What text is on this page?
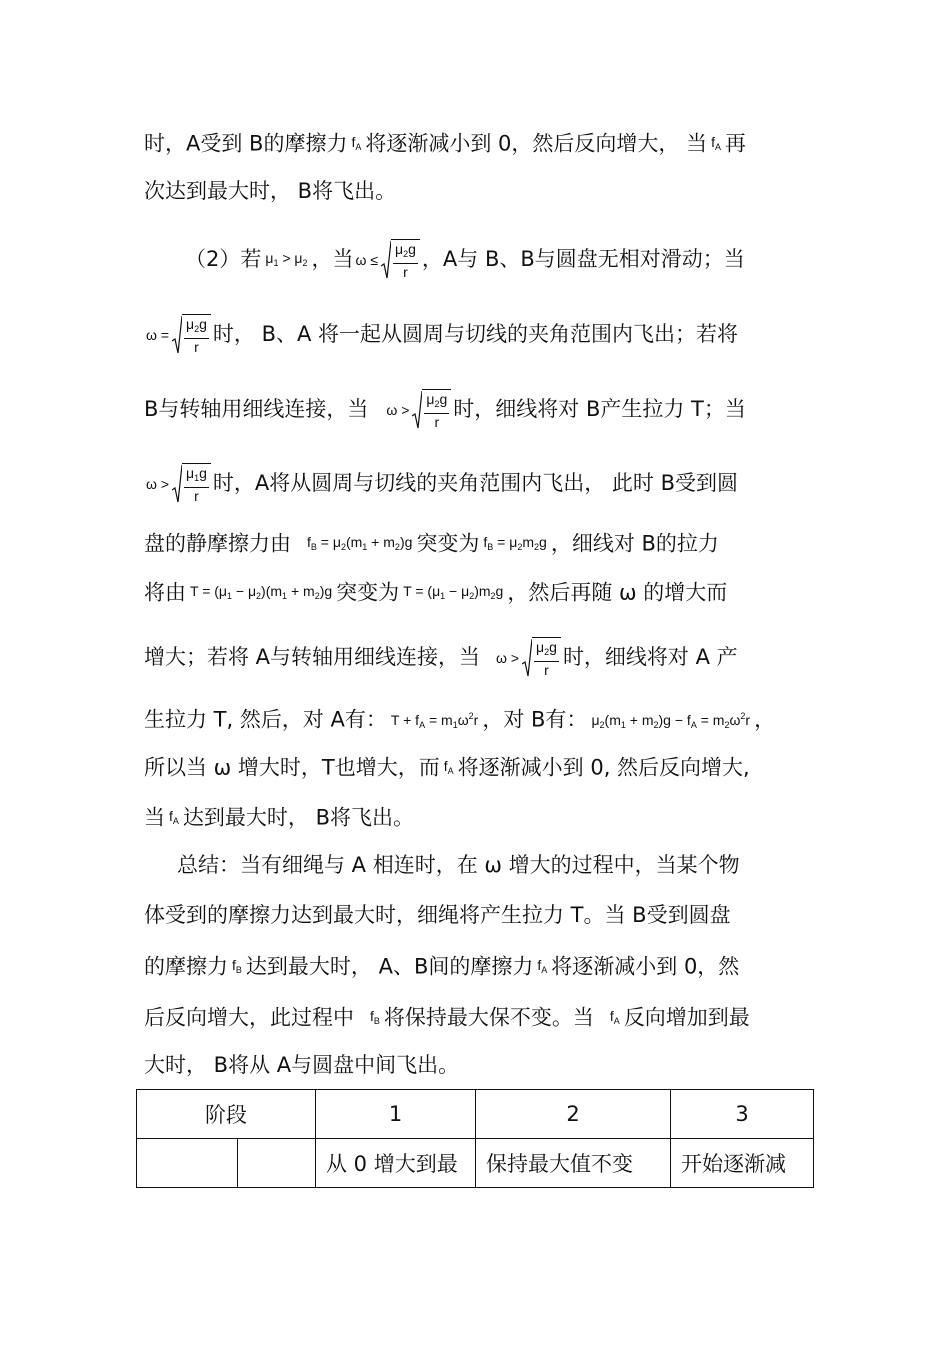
时，A受到 B的摩擦力 $f_A$ 将逐渐减小到 0，然后反向增大， 当 $f_A$ 再
次达到最大时， B将飞出。
（2）若 $\mu_1 > \mu_2$ ，当 $\omega \le \frac{\mu_2g}{r}$ ，A与 B、B与圆盘无相对滑动；当
$\omega = \frac{\mu_2g}{r}$ 时， B、A 将一起从圆周与切线的夹角范围内飞出；若将
B与转轴用细线连接，当 $\omega > \frac{\mu_2g}{r}$ 时，细线将对 B产生拉力 T；当
$\omega > \frac{\mu_1g}{r}$ 时，A将从圆周与切线的夹角范围内飞出， 此时 B受到圆
盘的静摩擦力由 $f_B = \mu_2(m_1 + m_2)g$ 突变为 $f_B = \mu_2m_2g$ ，细线对 B的拉力
将由 $T = (\mu_1 - \mu_2)(m_1 + m_2)g$ 突变为 $T = (\mu_1 - \mu_2)m_2g$ ，然后再随 ω 的增大而
增大；若将 A与转轴用细线连接，当 $\omega > \frac{\mu_2g}{r}$ 时，细线将对 A 产
生拉力 T, 然后，对 A有： $T + f_A = m_1\omega^2r$ ，对 B有： $\mu_2(m_1 + m_2)g - f_A = m_2\omega^2r$ ，
所以当 ω 增大时，T也增大，而 $f_A$ 将逐渐减小到 0, 然后反向增大,
当 $f_A$ 达到最大时， B将飞出。
总结：当有细绳与 A 相连时，在 ω 增大的过程中，当某个物
体受到的摩擦力达到最大时，细绳将产生拉力 T。当 B受到圆盘
的摩擦力 $f_B$ 达到最大时， A、B间的摩擦力 $f_A$ 将逐渐减小到 0，然
后反向增大，此过程中 $f_B$ 将保持最大保不变。当 $f_A$ 反向增加到最
大时， B将从 A与圆盘中间飞出。
阶段		1	2	3
		从 0 增大到最	保持最大值不变	开始逐渐减
